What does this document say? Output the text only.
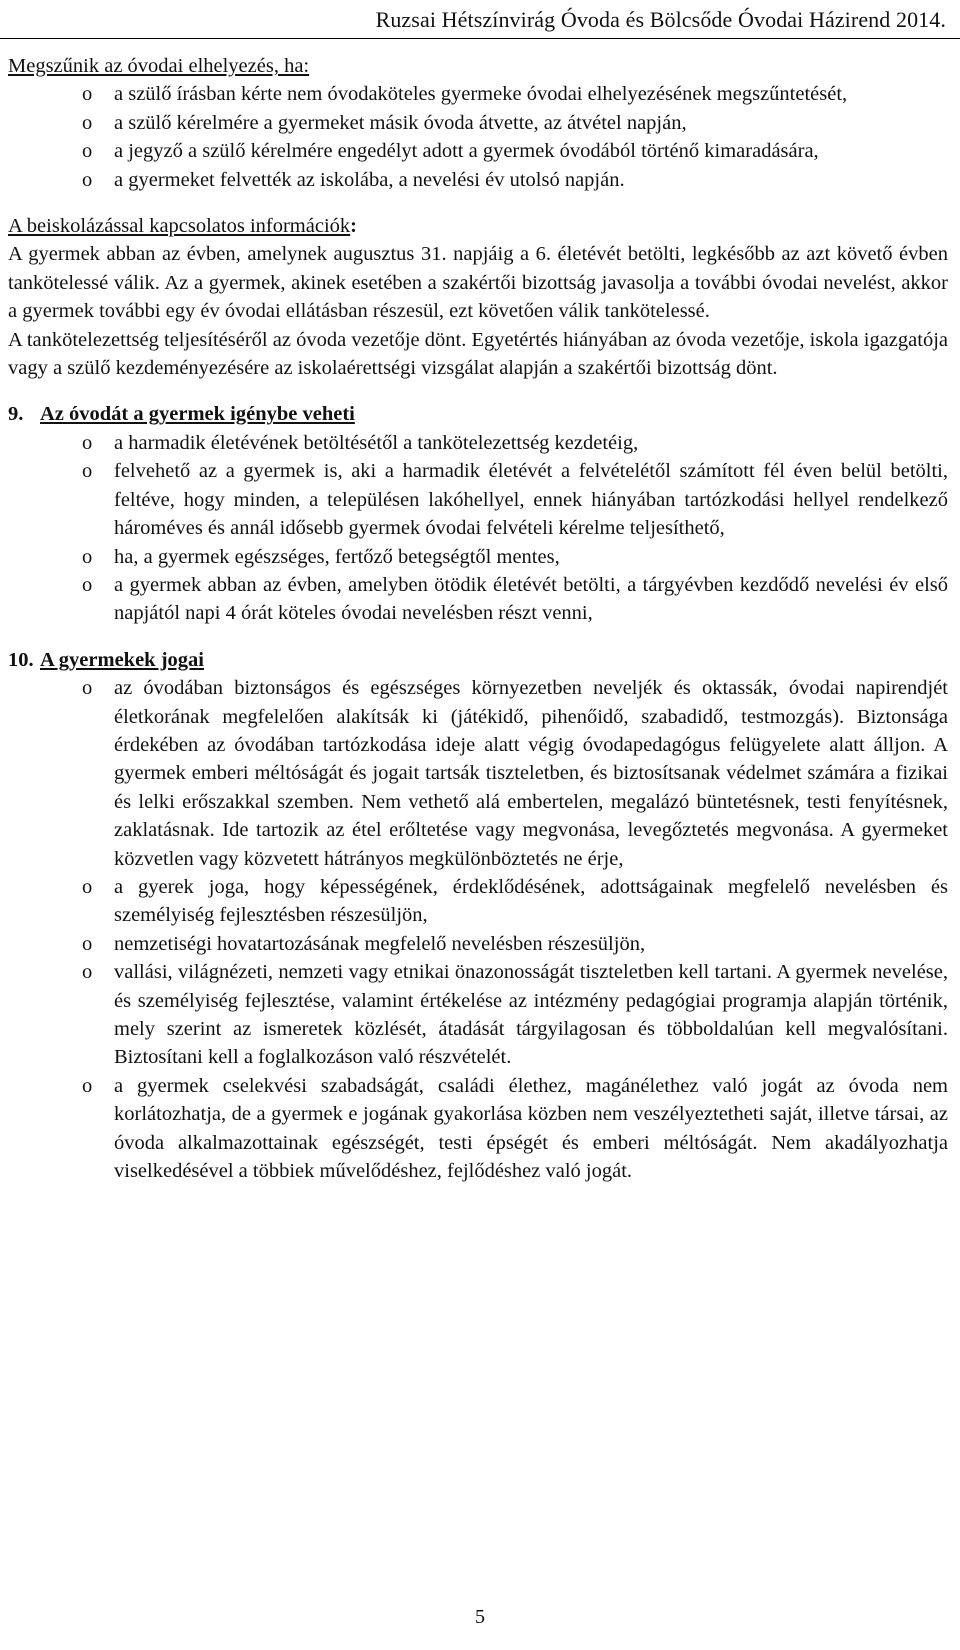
Ruzsai Hétszínvirág Óvoda és Bölcsőde Óvodai Házirend 2014.
Megszűnik az óvodai elhelyezés, ha:
o a szülő írásban kérte nem óvodaköteles gyermeke óvodai elhelyezésének megszűntetését,
o a szülő kérelmére a gyermeket másik óvoda átvette, az átvétel napján,
o a jegyző a szülő kérelmére engedélyt adott a gyermek óvodából történő kimaradására,
o a gyermeket felvették az iskolába, a nevelési év utolsó napján.
A beiskolázással kapcsolatos információk:

A gyermek abban az évben, amelynek augusztus 31. napjáig a 6. életévét betölti, legkésőbb az azt követő évben tankötelessé válik. Az a gyermek, akinek esetében a szakértői bizottság javasolja a további óvodai nevelést, akkor a gyermek további egy év óvodai ellátásban részesül, ezt követően válik tankötelessé.

A tankötelezettség teljesítéséről az óvoda vezetője dönt. Egyetértés hiányában az óvoda vezetője, iskola igazgatója vagy a szülő kezdeményezésére az iskolaérettségi vizsgálat alapján a szakértői bizottság dönt.

9. Az óvodát a gyermek igénybe veheti
o a harmadik életévének betöltésétől a tankötelezettség kezdetéig,
o felvehető az a gyermek is, aki a harmadik életévét a felvételétől számított fél éven belül betölti, feltéve, hogy minden, a településen lakóhellyel, ennek hiányában tartózkodási hellyel rendelkező hároméves és annál idősebb gyermek óvodai felvételi kérelme teljesíthető,
o ha, a gyermek egészséges, fertőző betegségtől mentes,
o a gyermek abban az évben, amelyben ötödik életévét betölti, a tárgyévben kezdődő nevelési év első napjától napi 4 órát köteles óvodai nevelésben részt venni,
10. A gyermekek jogai
o az óvodában biztonságos és egészséges környezetben neveljék és oktassák, óvodai napirendjét életkorának megfelelően alakítsák ki (játékidő, pihenőidő, szabadidő, testmozgás). Biztonsága érdekében az óvodában tartózkodása ideje alatt végig óvodapedagógus felügyelete alatt álljon. A gyermek emberi méltóságát és jogait tartsák tiszteletben, és biztosítsanak védelmet számára a fizikai és lelki erőszakkal szemben. Nem vethető alá embertelen, megalázó büntetésnek, testi fenyítésnek, zaklatásnak. Ide tartozik az étel erőltetése vagy megvonása, levegőztetés megvonása. A gyermeket közvetlen vagy közvetett hátrányos megkülönböztetés ne érje,
o a gyerek joga, hogy képességének, érdeklődésének, adottságainak megfelelő nevelésben és személyiség fejlesztésben részesüljön,
o nemzetiségi hovatartozásának megfelelő nevelésben részesüljön,
o vallási, világnézeti, nemzeti vagy etnikai önazonosságát tiszteletben kell tartani. A gyermek nevelése, és személyiség fejlesztése, valamint értékelése az intézmény pedagógiai programja alapján történik, mely szerint az ismeretek közlését, átadását tárgyilagosan és többoldalúan kell megvalósítani. Biztosítani kell a foglalkozáson való részvételét.
o a gyermek cselekvési szabadságát, családi élethez, magánélethez való jogát az óvoda nem korlátozhatja, de a gyermek e jogának gyakorlása közben nem veszélyeztetheti saját, illetve társai, az óvoda alkalmazottainak egészségét, testi épségét és emberi méltóságát. Nem akadályozhatja viselkedésével a többiek művelődéshez, fejlődéshez való jogát.
5
